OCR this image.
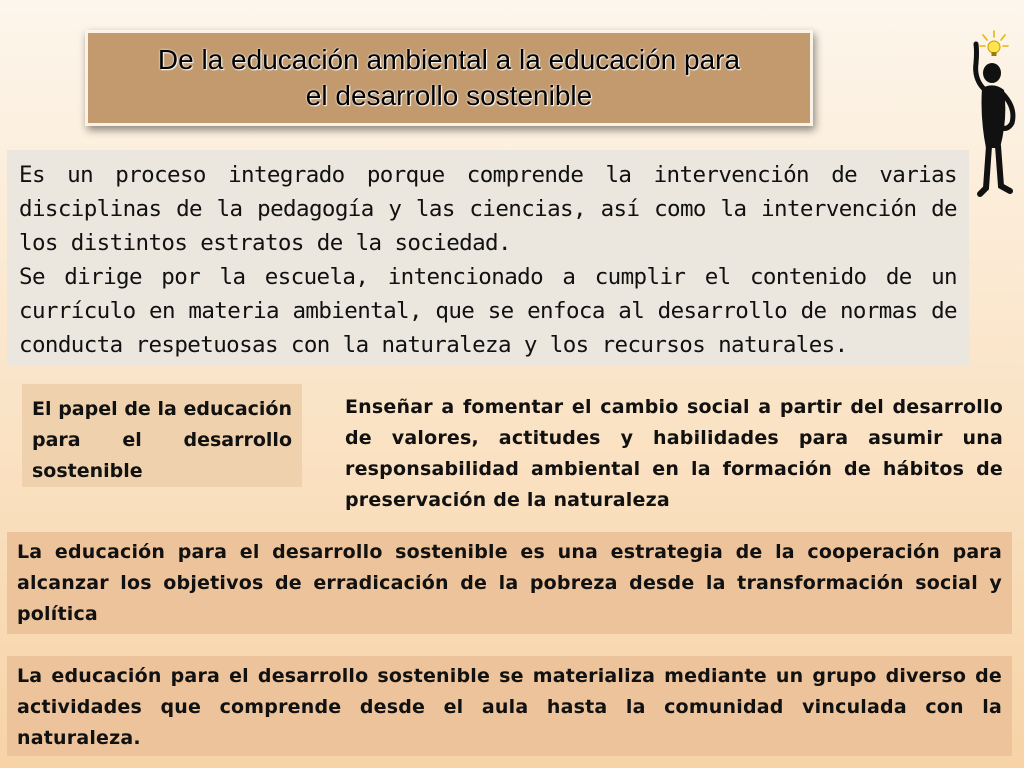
De la educación ambiental a la educación para
el desarrollo sostenible

Es un proceso integrado porque comprende la intervención de varias disciplinas de la pedagogía y las ciencias, así como la intervención de los distintos estratos de la sociedad.

Se dirige por la escuela, intencionado a cumplir el contenido de un currículo en materia ambiental, que se enfoca al desarrollo de normas de conducta respetuosas con la naturaleza y los recursos naturales.

El papel de la educación para el desarrollo sostenible
Enseñar a fomentar el cambio social a partir del desarrollo de valores, actitudes y habilidades para asumir una responsabilidad ambiental en la formación de hábitos de preservación de la naturaleza
La educación para el desarrollo sostenible es una estrategia de la cooperación para alcanzar los objetivos de erradicación de la pobreza desde la transformación social y política
La educación para el desarrollo sostenible se materializa mediante un grupo diverso de actividades que comprende desde el aula hasta la comunidad vinculada con la naturaleza.
